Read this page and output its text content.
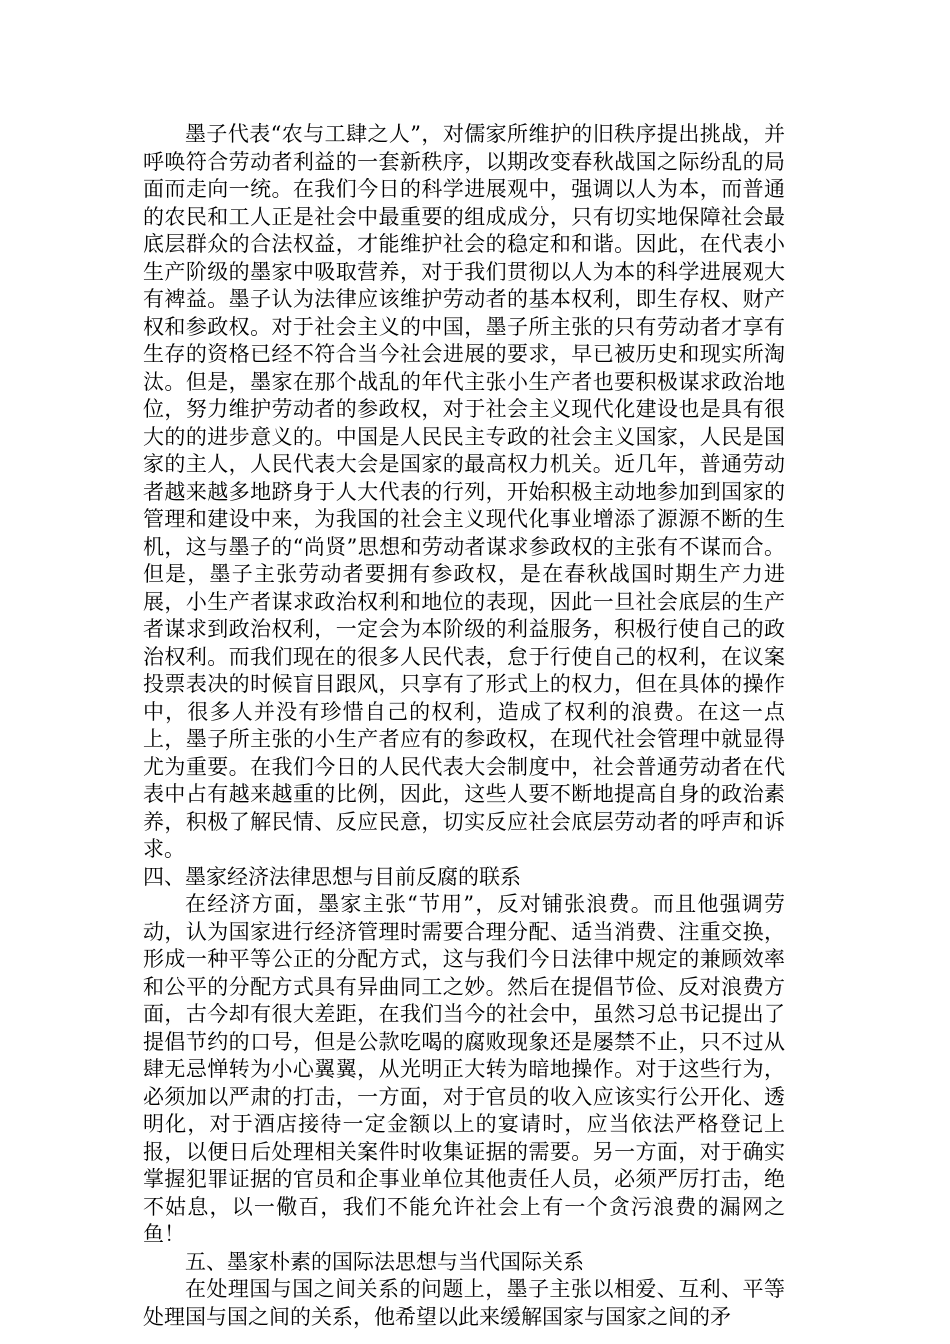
墨子代表“农与工肆之人”，对儒家所维护的旧秩序提出挑战，并呼唤符合劳动者利益的一套新秩序，以期改变春秋战国之际纷乱的局面而走向一统。在我们今日的科学进展观中，强调以人为本，而普通的农民和工人正是社会中最重要的组成成分，只有切实地保障社会最底层群众的合法权益，才能维护社会的稳定和和谐。因此，在代表小生产阶级的墨家中吸取营养，对于我们贯彻以人为本的科学进展观大有裨益。墨子认为法律应该维护劳动者的基本权利，即生存权、财产权和参政权。对于社会主义的中国，墨子所主张的只有劳动者才享有生存的资格已经不符合当今社会进展的要求，早已被历史和现实所淘汰。但是，墨家在那个战乱的年代主张小生产者也要积极谋求政治地位，努力维护劳动者的参政权，对于社会主义现代化建设也是具有很大的的进步意义的。中国是人民民主专政的社会主义国家，人民是国家的主人，人民代表大会是国家的最高权力机关。近几年，普通劳动者越来越多地跻身于人大代表的行列，开始积极主动地参加到国家的管理和建设中来，为我国的社会主义现代化事业增添了源源不断的生机，这与墨子的“尚贤”思想和劳动者谋求参政权的主张有不谋而合。但是，墨子主张劳动者要拥有参政权，是在春秋战国时期生产力进展，小生产者谋求政治权利和地位的表现，因此一旦社会底层的生产者谋求到政治权利，一定会为本阶级的利益服务，积极行使自己的政治权利。而我们现在的很多人民代表，怠于行使自己的权利，在议案投票表决的时候盲目跟风，只享有了形式上的权力，但在具体的操作中，很多人并没有珍惜自己的权利，造成了权利的浪费。在这一点上，墨子所主张的小生产者应有的参政权，在现代社会管理中就显得尤为重要。在我们今日的人民代表大会制度中，社会普通劳动者在代表中占有越来越重的比例，因此，这些人要不断地提高自身的政治素养，积极了解民情、反应民意，切实反应社会底层劳动者的呼声和诉求。

四、墨家经济法律思想与目前反腐的联系

在经济方面，墨家主张“节用”，反对铺张浪费。而且他强调劳动，认为国家进行经济管理时需要合理分配、适当消费、注重交换，形成一种平等公正的分配方式，这与我们今日法律中规定的兼顾效率和公平的分配方式具有异曲同工之妙。然后在提倡节俭、反对浪费方面，古今却有很大差距，在我们当今的社会中，虽然习总书记提出了提倡节约的口号，但是公款吃喝的腐败现象还是屡禁不止，只不过从肆无忌惮转为小心翼翼，从光明正大转为暗地操作。对于这些行为，必须加以严肃的打击，一方面，对于官员的收入应该实行公开化、透明化，对于酒店接待一定金额以上的宴请时，应当依法严格登记上报，以便日后处理相关案件时收集证据的需要。另一方面，对于确实掌握犯罪证据的官员和企事业单位其他责任人员，必须严厉打击，绝不姑息，以一儆百，我们不能允许社会上有一个贪污浪费的漏网之鱼！

五、墨家朴素的国际法思想与当代国际关系

在处理国与国之间关系的问题上，墨子主张以相爱、互利、平等处理国与国之间的关系，他希望以此来缓解国家与国家之间的矛
